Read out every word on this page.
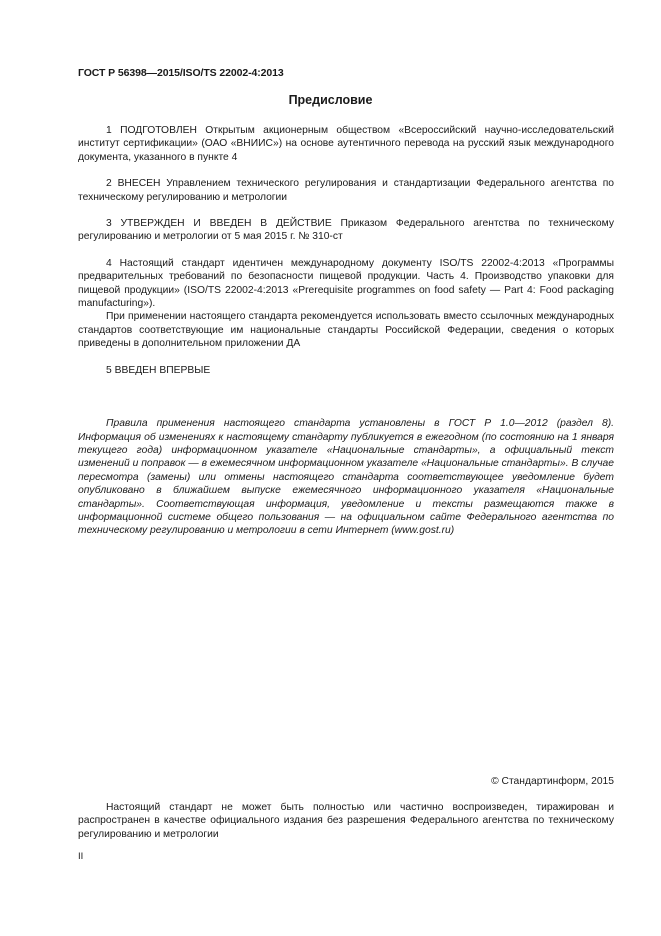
ГОСТ Р 56398—2015/ISO/TS 22002-4:2013
Предисловие

1 ПОДГОТОВЛЕН Открытым акционерным обществом «Всероссийский научно-исследовательский институт сертификации» (ОАО «ВНИИС») на основе аутентичного перевода на русский язык международного документа, указанного в пункте 4

2 ВНЕСЕН Управлением технического регулирования и стандартизации Федерального агентства по техническому регулированию и метрологии

3 УТВЕРЖДЕН И ВВЕДЕН В ДЕЙСТВИЕ Приказом Федерального агентства по техническому регулированию и метрологии от 5 мая 2015 г. № 310-ст

4 Настоящий стандарт идентичен международному документу ISO/TS 22002-4:2013 «Программы предварительных требований по безопасности пищевой продукции. Часть 4. Производство упаковки для пищевой продукции» (ISO/TS 22002-4:2013 «Prerequisite programmes on food safety — Part 4: Food packaging manufacturing»).

При применении настоящего стандарта рекомендуется использовать вместо ссылочных международных стандартов соответствующие им национальные стандарты Российской Федерации, сведения о которых приведены в дополнительном приложении ДА

5 ВВЕДЕН ВПЕРВЫЕ

Правила применения настоящего стандарта установлены в ГОСТ Р 1.0—2012 (раздел 8). Информация об изменениях к настоящему стандарту публикуется в ежегодном (по состоянию на 1 января текущего года) информационном указателе «Национальные стандарты», а официальный текст изменений и поправок — в ежемесячном информационном указателе «Национальные стандарты». В случае пересмотра (замены) или отмены настоящего стандарта соответствующее уведомление будет опубликовано в ближайшем выпуске ежемесячного информационного указателя «Национальные стандарты». Соответствующая информация, уведомление и тексты размещаются также в информационной системе общего пользования — на официальном сайте Федерального агентства по техническому регулированию и метрологии в сети Интернет (www.gost.ru)

© Стандартинформ, 2015

Настоящий стандарт не может быть полностью или частично воспроизведен, тиражирован и распространен в качестве официального издания без разрешения Федерального агентства по техническому регулированию и метрологии

II
